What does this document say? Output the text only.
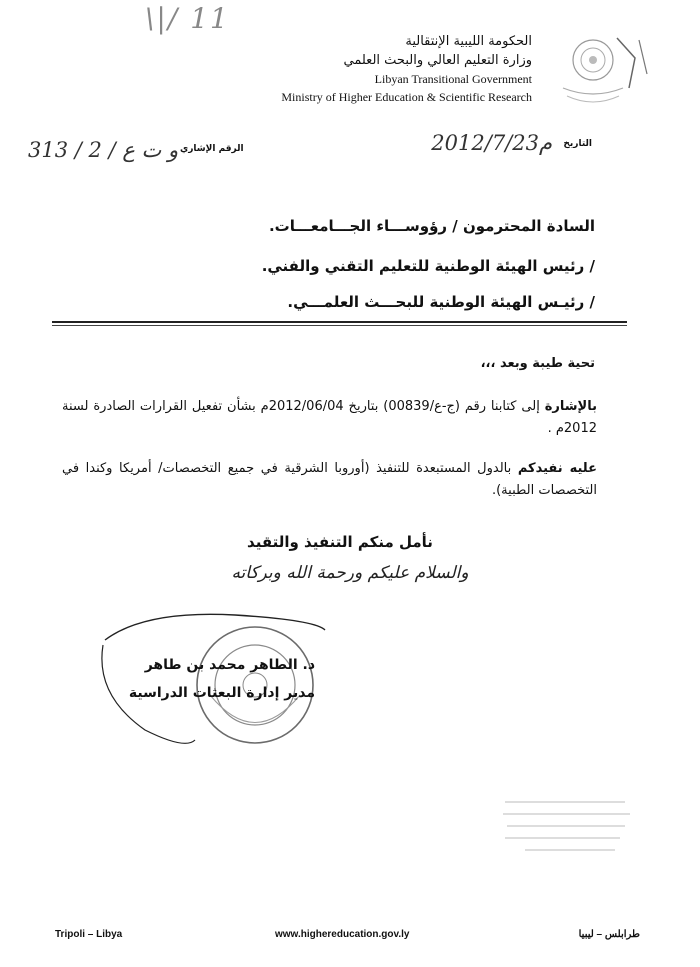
\|/ 11
الحكومة الليبية الإنتقالية
وزارة التعليم العالي والبحث العلمي
Libyan Transitional Government
Ministry of Higher Education & Scientific Research
التاريخ
2012/7/23م
313 / و ت ع / 2 الرقم الإشاري
السادة المحترمون / رؤوســـاء الجـــامعـــات.
/ رئيس الهيئة الوطنية للتعليم التقني والفني.
/ رئيـس الهيئة الوطنية للبحـــث العلمـــي.
تحية طيبة وبعد ،،،
بالإشارة إلى كتابنا رقم (ج-ع/00839) بتاريخ 2012/06/04م بشأن تفعيل القرارات الصادرة لسنة 2012م .
عليه نفيدكم بالدول المستبعدة للتنفيذ (أوروبا الشرقية في جميع التخصصات/ أمريكا وكندا في التخصصات الطبية).
نأمل منكم التنفيذ والتقيد
والسلام عليكم ورحمة الله وبركاته
د. الطاهر محمد بن طاهر
مدير إدارة البعثات الدراسية
Tripoli – Libya	www.highereducation.gov.ly	طرابلس – ليبيا
